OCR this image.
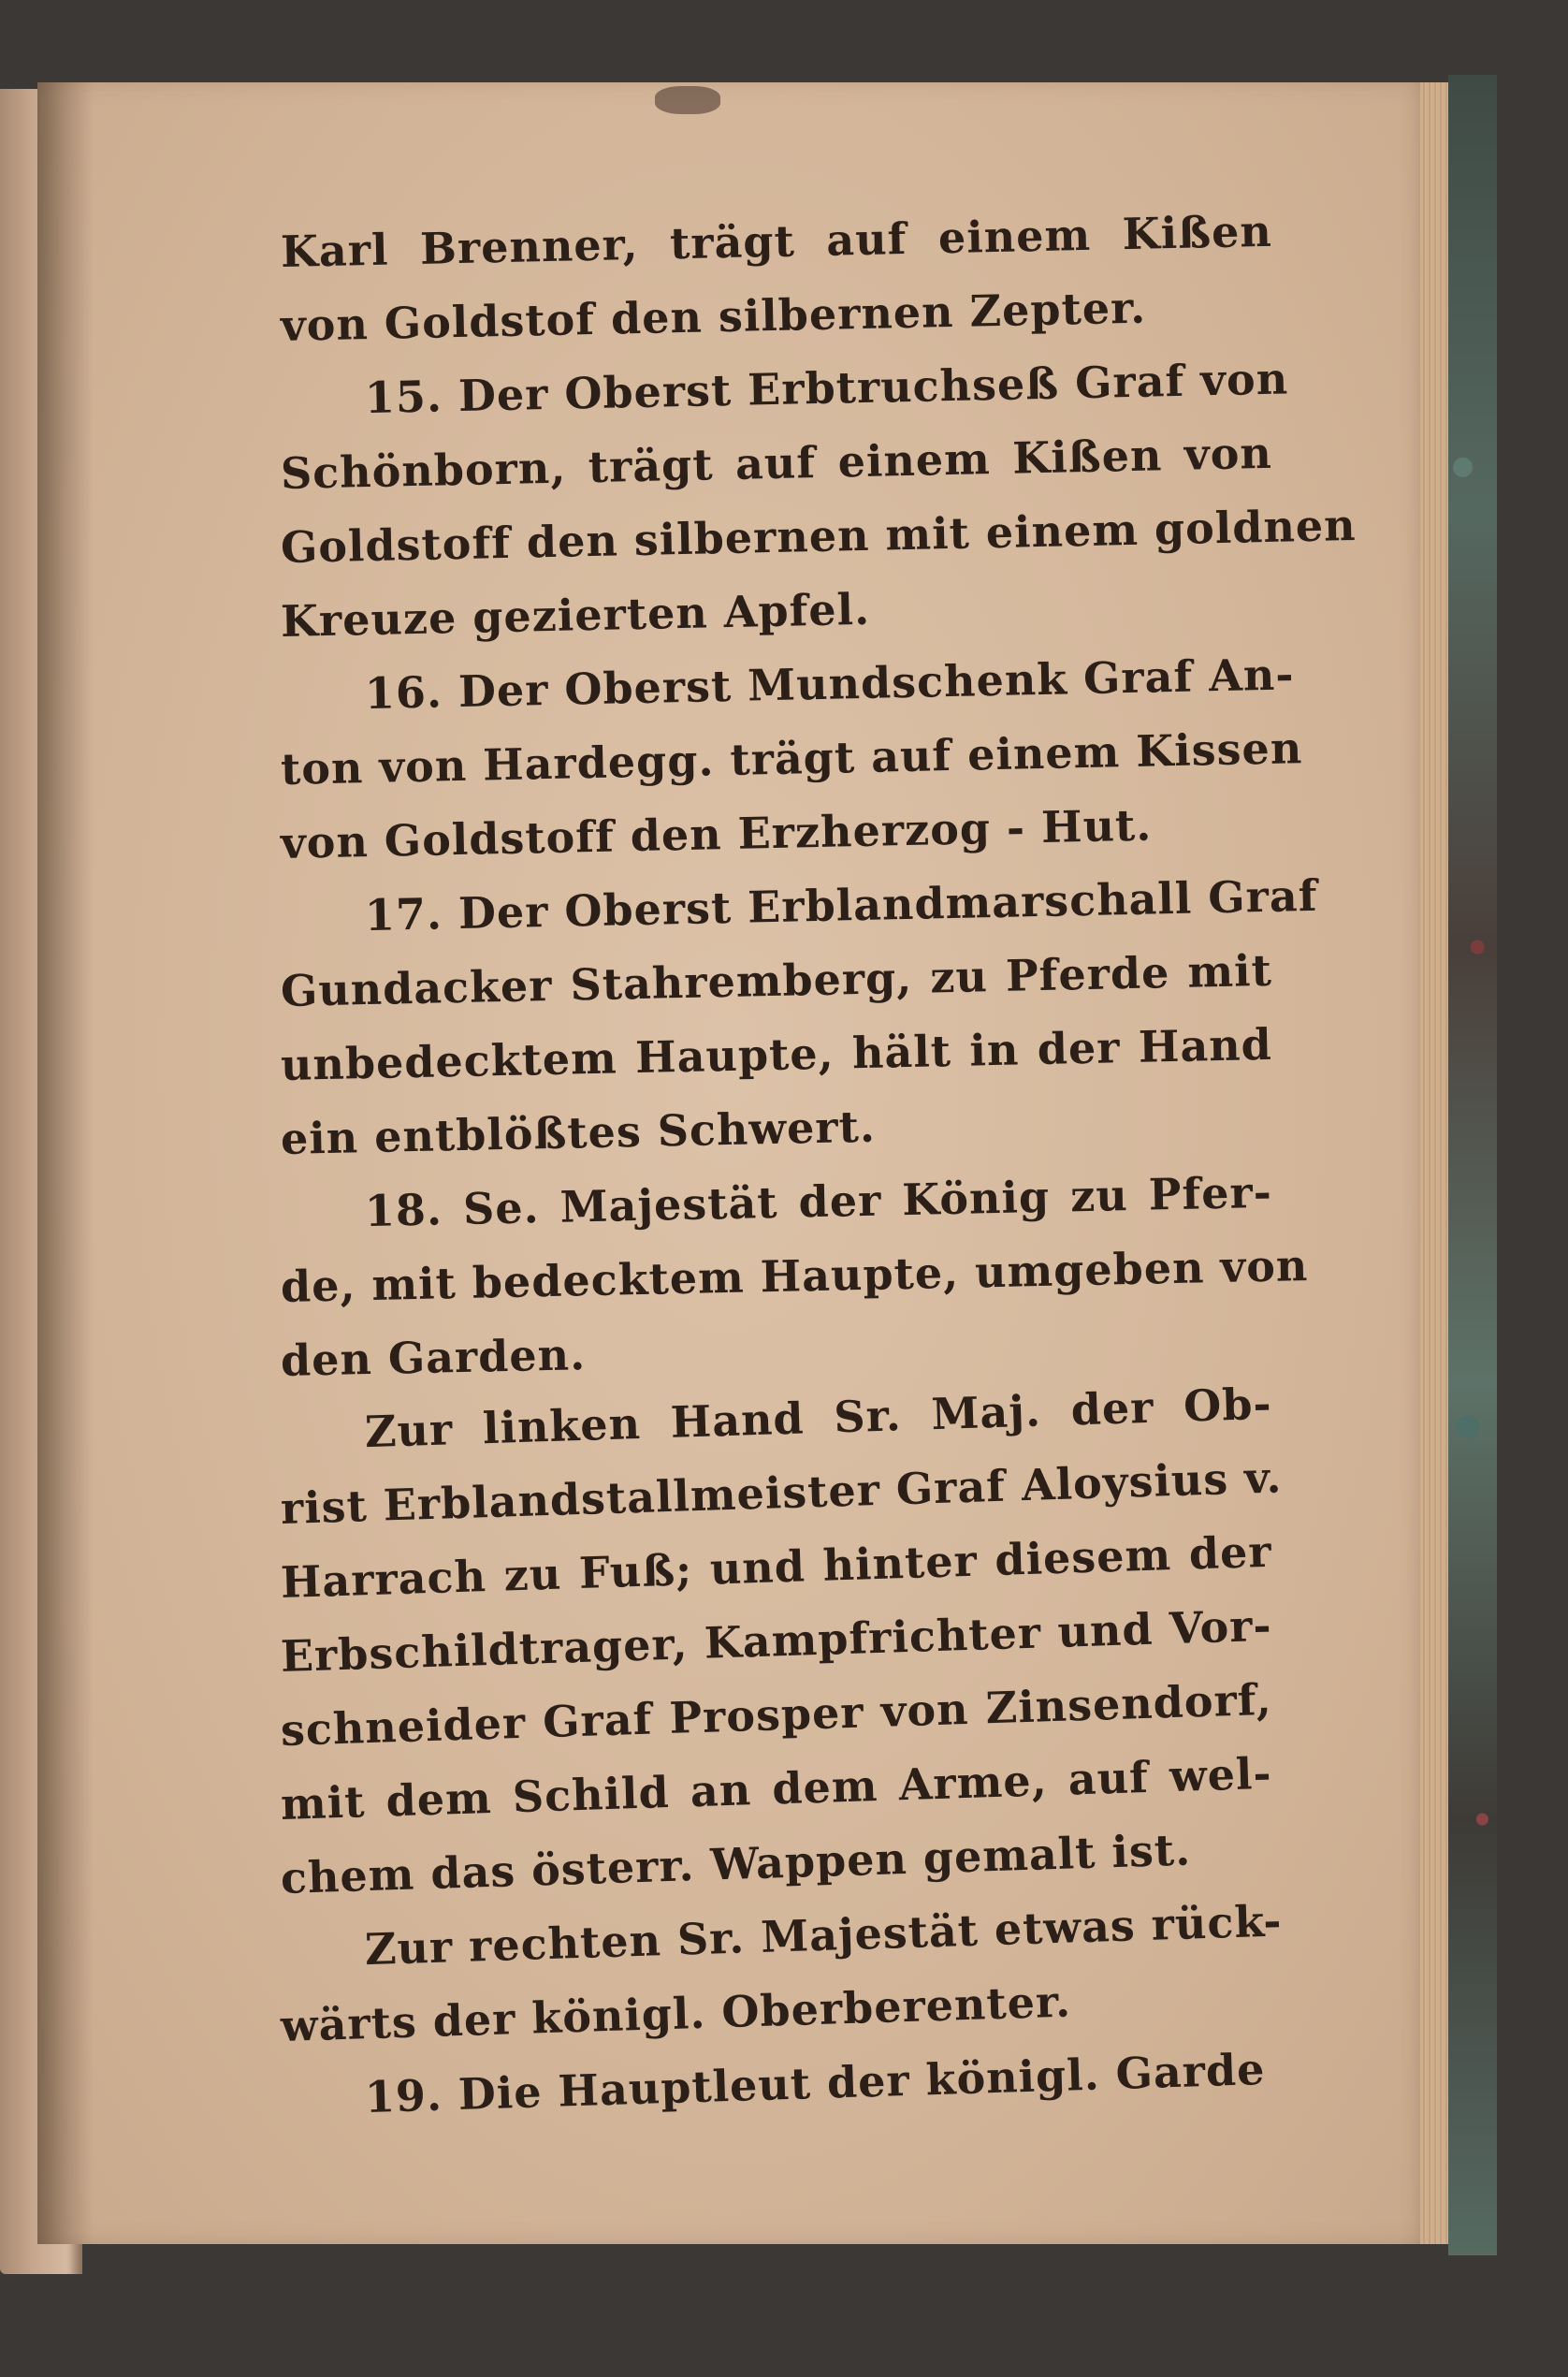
Karl Brenner, trägt auf einem Kißen
von Goldstof den silbernen Zepter.
15. Der Oberst Erbtruchseß Graf von
Schönborn, trägt auf einem Kißen von
Goldstoff den silbernen mit einem goldnen
Kreuze gezierten Apfel.
16. Der Oberst Mundschenk Graf An-
ton von Hardegg. trägt auf einem Kissen
von Goldstoff den Erzherzog - Hut.
17. Der Oberst Erblandmarschall Graf
Gundacker Stahremberg, zu Pferde mit
unbedecktem Haupte, hält in der Hand
ein entblößtes Schwert.
18. Se. Majestät der König zu Pfer-
de, mit bedecktem Haupte, umgeben von
den Garden.
Zur linken Hand Sr. Maj. der Ob-
rist Erblandstallmeister Graf Aloysius v.
Harrach zu Fuß; und hinter diesem der
Erbschildtrager, Kampfrichter und Vor-
schneider Graf Prosper von Zinsendorf,
mit dem Schild an dem Arme, auf wel-
chem das österr. Wappen gemalt ist.
Zur rechten Sr. Majestät etwas rück-
wärts der königl. Oberberenter.
19. Die Hauptleut der königl. Garde
